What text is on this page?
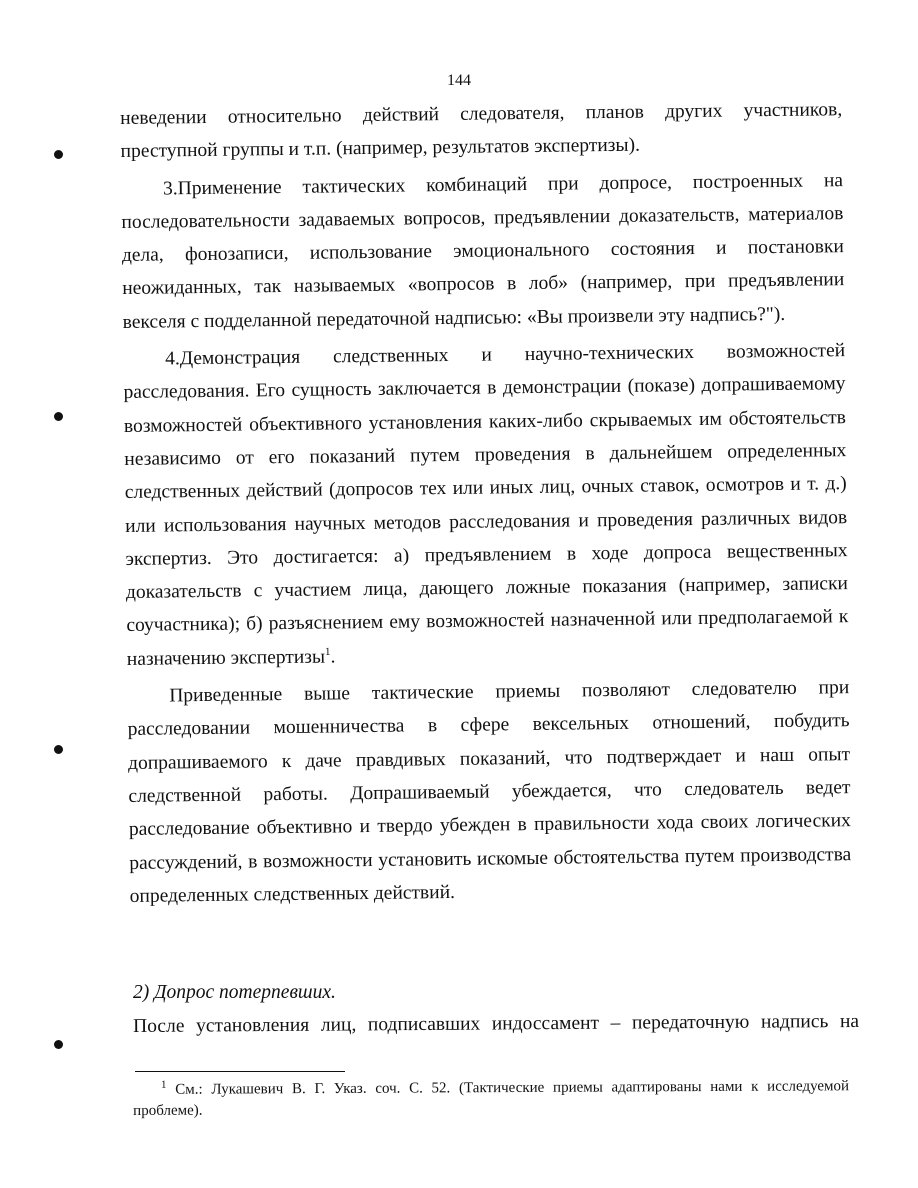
144

неведении относительно действий следователя, планов других участников, преступной группы и т.п. (например, результатов экспертизы).

3.Применение тактических комбинаций при допросе, построенных на последовательности задаваемых вопросов, предъявлении доказательств, материалов дела, фонозаписи, использование эмоционального состояния и постановки неожиданных, так называемых «вопросов в лоб» (например, при предъявлении векселя с подделанной передаточной надписью: «Вы произвели эту надпись?").

4.Демонстрация следственных и научно-технических возможностей расследования. Его сущность заключается в демонстрации (показе) допрашиваемому возможностей объективного установления каких-либо скрываемых им обстоятельств независимо от его показаний путем проведения в дальнейшем определенных следственных действий (допросов тех или иных лиц, очных ставок, осмотров и т. д.) или использования научных методов расследования и проведения различных видов экспертиз. Это достигается: а) предъявлением в ходе допроса вещественных доказательств с участием лица, дающего ложные показания (например, записки соучастника); б) разъяснением ему возможностей назначенной или предполагаемой к назначению экспертизы$^1$.

Приведенные выше тактические приемы позволяют следователю при расследовании мошенничества в сфере вексельных отношений, побудить допрашиваемого к даче правдивых показаний, что подтверждает и наш опыт следственной работы. Допрашиваемый убеждается, что следователь ведет расследование объективно и твердо убежден в правильности хода своих логических рассуждений, в возможности установить искомые обстоятельства путем производства определенных следственных действий.

2) Допрос потерпевших.
После установления лиц, подписавших индоссамент – передаточную надпись на
$^1$ См.: Лукашевич В. Г. Указ. соч. С. 52. (Тактические приемы адаптированы нами к исследуемой проблеме).
